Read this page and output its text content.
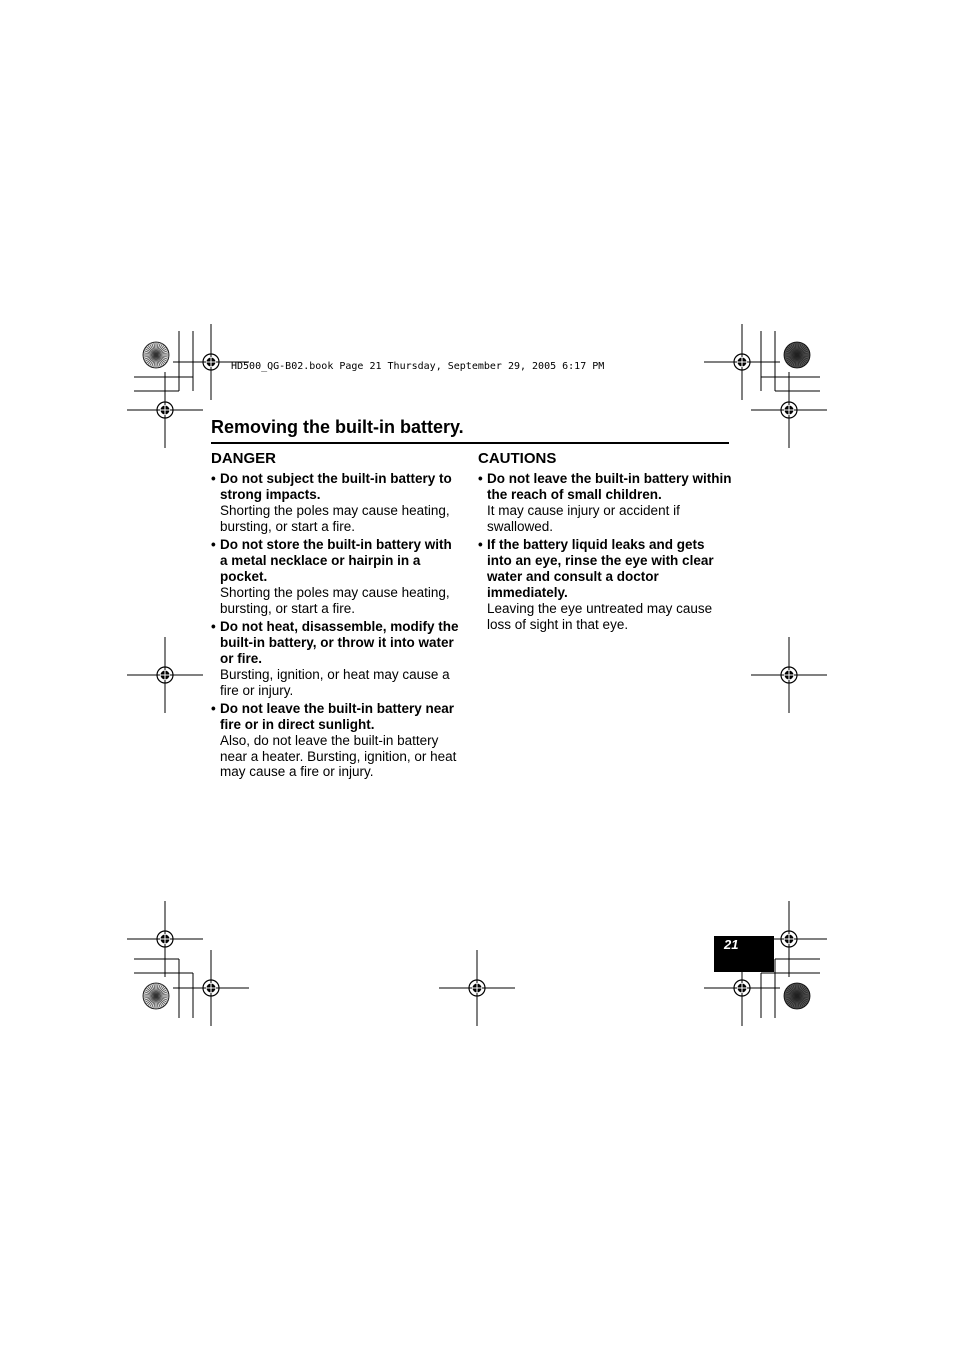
HD500_QG-B02.book Page 21 Thursday, September 29, 2005 6:17 PM
Removing the built-in battery.
DANGER
• Do not subject the built-in battery to strong impacts.
Shorting the poles may cause heating, bursting, or start a fire.
• Do not store the built-in battery with a metal necklace or hairpin in a pocket.
Shorting the poles may cause heating, bursting, or start a fire.
• Do not heat, disassemble, modify the built-in battery, or throw it into water or fire.
Bursting, ignition, or heat may cause a fire or injury.
• Do not leave the built-in battery near fire or in direct sunlight.
Also, do not leave the built-in battery near a heater. Bursting, ignition, or heat may cause a fire or injury.
CAUTIONS
• Do not leave the built-in battery within the reach of small children.
It may cause injury or accident if swallowed.
• If the battery liquid leaks and gets into an eye, rinse the eye with clear water and consult a doctor immediately.
Leaving the eye untreated may cause loss of sight in that eye.
21
